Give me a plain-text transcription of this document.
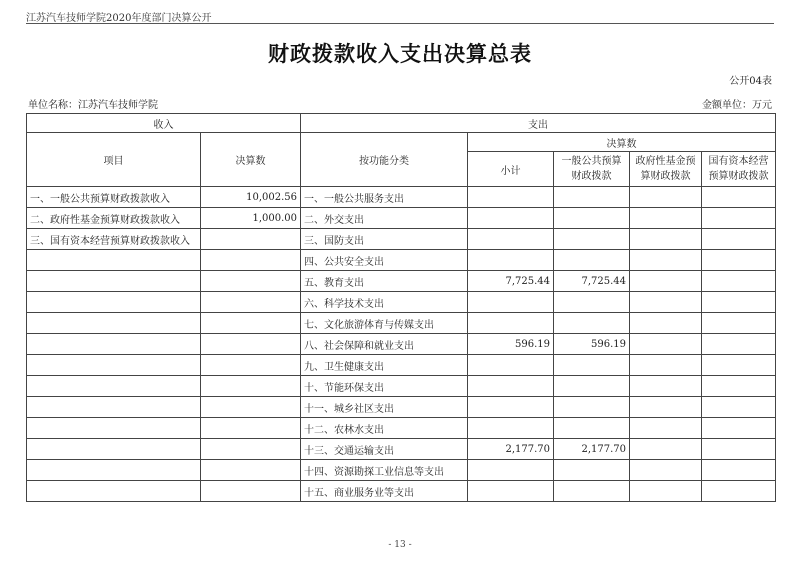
江苏汽车技师学院2020年度部门决算公开
财政拨款收入支出决算总表
公开04表
单位名称：江苏汽车技师学院	金额单位：万元
收入		支出				
项目	决算数	按功能分类	决算数			
			小计	一般公共预算财政拨款	政府性基金预算财政拨款	国有资本经营预算财政拨款
一、一般公共预算财政拨款收入	10,002.56	一、一般公共服务支出				
二、政府性基金预算财政拨款收入	1,000.00	二、外交支出				
三、国有资本经营预算财政拨款收入		三、国防支出				
		四、公共安全支出				
		五、教育支出	7,725.44	7,725.44		
		六、科学技术支出				
		七、文化旅游体育与传媒支出				
		八、社会保障和就业支出	596.19	596.19		
		九、卫生健康支出				
		十、节能环保支出				
		十一、城乡社区支出				
		十二、农林水支出				
		十三、交通运输支出	2,177.70	2,177.70		
		十四、资源勘探工业信息等支出				
		十五、商业服务业等支出				
- 13 -
